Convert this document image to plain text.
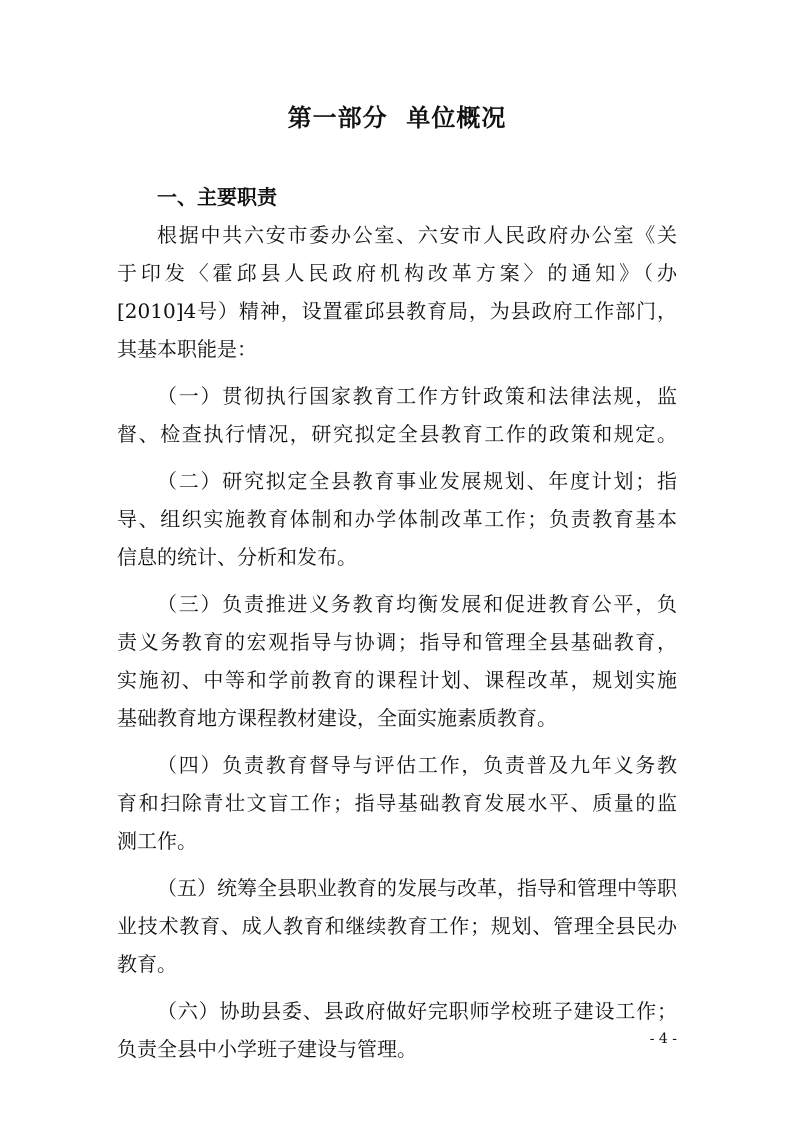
第一部分  单位概况
一、主要职责
根据中共六安市委办公室、六安市人民政府办公室《关
于印发〈霍邱县人民政府机构改革方案〉的通知》（办
[2010]4号）精神，设置霍邱县教育局，为县政府工作部门，
其基本职能是：
（一）贯彻执行国家教育工作方针政策和法律法规，监
督、检查执行情况，研究拟定全县教育工作的政策和规定。
（二）研究拟定全县教育事业发展规划、年度计划；指
导、组织实施教育体制和办学体制改革工作；负责教育基本
信息的统计、分析和发布。
（三）负责推进义务教育均衡发展和促进教育公平，负
责义务教育的宏观指导与协调；指导和管理全县基础教育，
实施初、中等和学前教育的课程计划、课程改革，规划实施
基础教育地方课程教材建设，全面实施素质教育。
（四）负责教育督导与评估工作，负责普及九年义务教
育和扫除青壮文盲工作；指导基础教育发展水平、质量的监
测工作。
（五）统筹全县职业教育的发展与改革，指导和管理中等职
业技术教育、成人教育和继续教育工作；规划、管理全县民办
教育。
（六）协助县委、县政府做好完职师学校班子建设工作；
负责全县中小学班子建设与管理。	- 4 -
